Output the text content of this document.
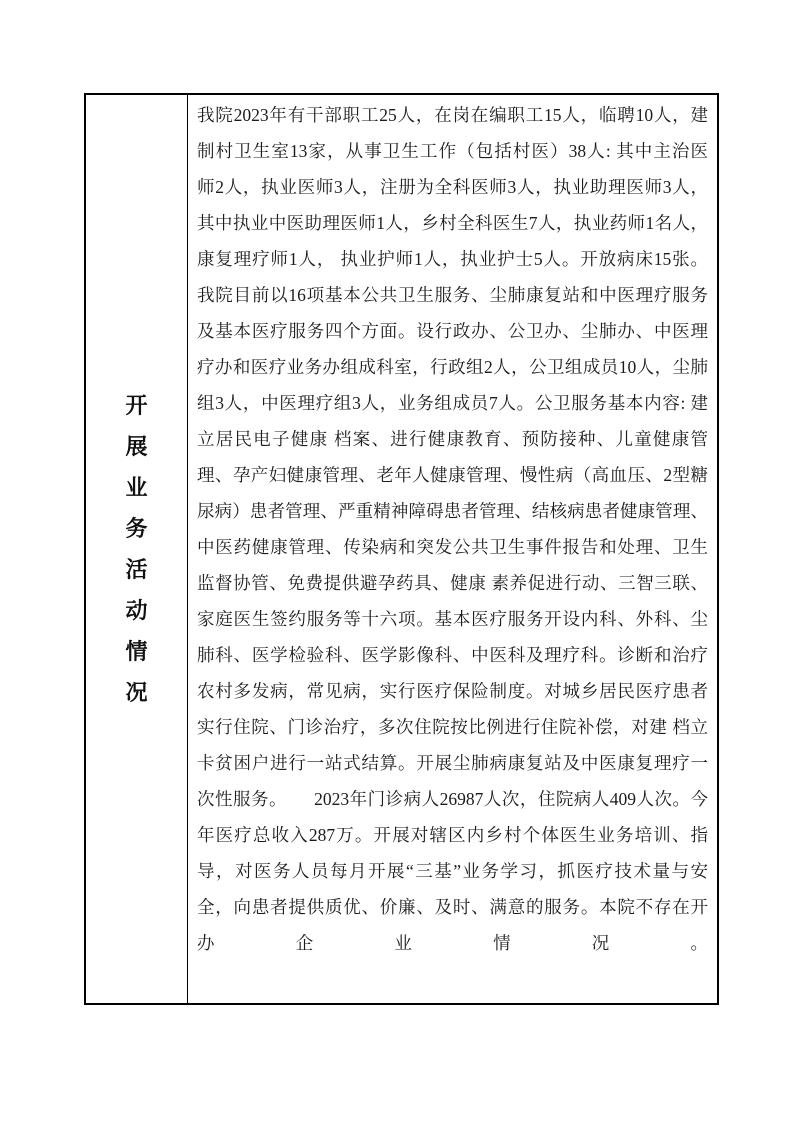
开展业务活动情况
我院2023年有干部职工25人，在岗在编职工15人，临聘10人，建
制村卫生室13家，从事卫生工作（包括村医）38人: 其中主治医
师2人，执业医师3人，注册为全科医师3人，执业助理医师3人，
其中执业中医助理医师1人，乡村全科医生7人，执业药师1名人，
康复理疗师1人， 执业护师1人，执业护士5人。开放病床15张。
我院目前以16项基本公共卫生服务、尘肺康复站和中医理疗服务
及基本医疗服务四个方面。设行政办、公卫办、尘肺办、中医理
疗办和医疗业务办组成科室，行政组2人，公卫组成员10人，尘肺
组3人，中医理疗组3人，业务组成员7人。公卫服务基本内容: 建
立居民电子健康 档案、进行健康教育、预防接种、儿童健康管
理、孕产妇健康管理、老年人健康管理、慢性病（高血压、2型糖
尿病）患者管理、严重精神障碍患者管理、结核病患者健康管理、
中医药健康管理、传染病和突发公共卫生事件报告和处理、卫生
监督协管、免费提供避孕药具、健康 素养促进行动、三智三联、
家庭医生签约服务等十六项。基本医疗服务开设内科、外科、尘
肺科、医学检验科、医学影像科、中医科及理疗科。诊断和治疗
农村多发病，常见病，实行医疗保险制度。对城乡居民医疗患者
实行住院、门诊治疗，多次住院按比例进行住院补偿，对建 档立
卡贫困户进行一站式结算。开展尘肺病康复站及中医康复理疗一
次性服务。　　2023年门诊病人26987人次，住院病人409人次。今
年医疗总收入287万。开展对辖区内乡村个体医生业务培训、指
导，对医务人员每月开展“三基”业务学习，抓医疗技术量与安
全，向患者提供质优、价廉、及时、满意的服务。本院不存在开
办企业情况。
